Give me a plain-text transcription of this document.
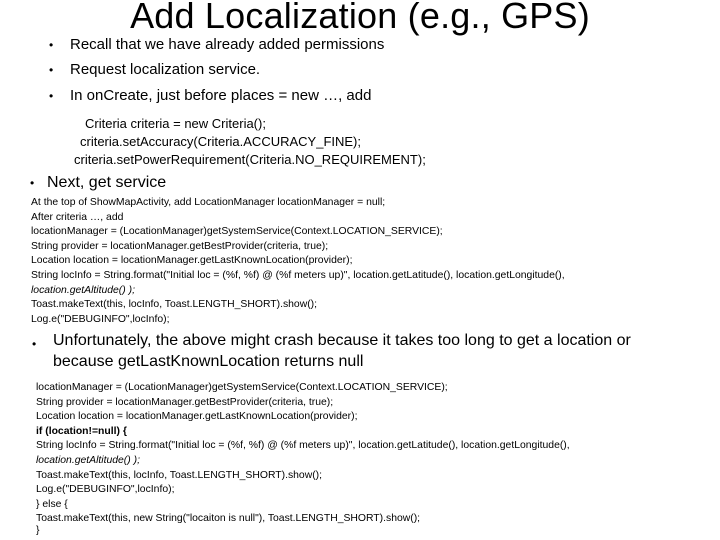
Add Localization (e.g., GPS)
• Recall that we have already added permissions
• Request localization service.
• In onCreate, just before places = new …, add
Criteria criteria = new Criteria();
criteria.setAccuracy(Criteria.ACCURACY_FINE);
criteria.setPowerRequirement(Criteria.NO_REQUIREMENT);
• Next, get service
At the top of ShowMapActivity, add LocationManager locationManager = null;
After criteria …, add
locationManager = (LocationManager)getSystemService(Context.LOCATION_SERVICE);
String provider = locationManager.getBestProvider(criteria, true);
Location location = locationManager.getLastKnownLocation(provider);
String locInfo = String.format("Initial loc = (%f, %f) @ (%f meters up)", location.getLatitude(), location.getLongitude(),
location.getAltitude() );
Toast.makeText(this, locInfo, Toast.LENGTH_SHORT).show();
Log.e("DEBUGINFO",locInfo);
• Unfortunately, the above might crash because it takes too long to get a location or
because getLastKnownLocation returns null
locationManager = (LocationManager)getSystemService(Context.LOCATION_SERVICE);
String provider = locationManager.getBestProvider(criteria, true);
Location location = locationManager.getLastKnownLocation(provider);
if (location!=null) {
String locInfo = String.format("Initial loc = (%f, %f) @ (%f meters up)", location.getLatitude(), location.getLongitude(),
location.getAltitude() );
Toast.makeText(this, locInfo, Toast.LENGTH_SHORT).show();
Log.e("DEBUGINFO",locInfo);
} else {
Toast.makeText(this, new String("locaiton is null"), Toast.LENGTH_SHORT).show();
}
